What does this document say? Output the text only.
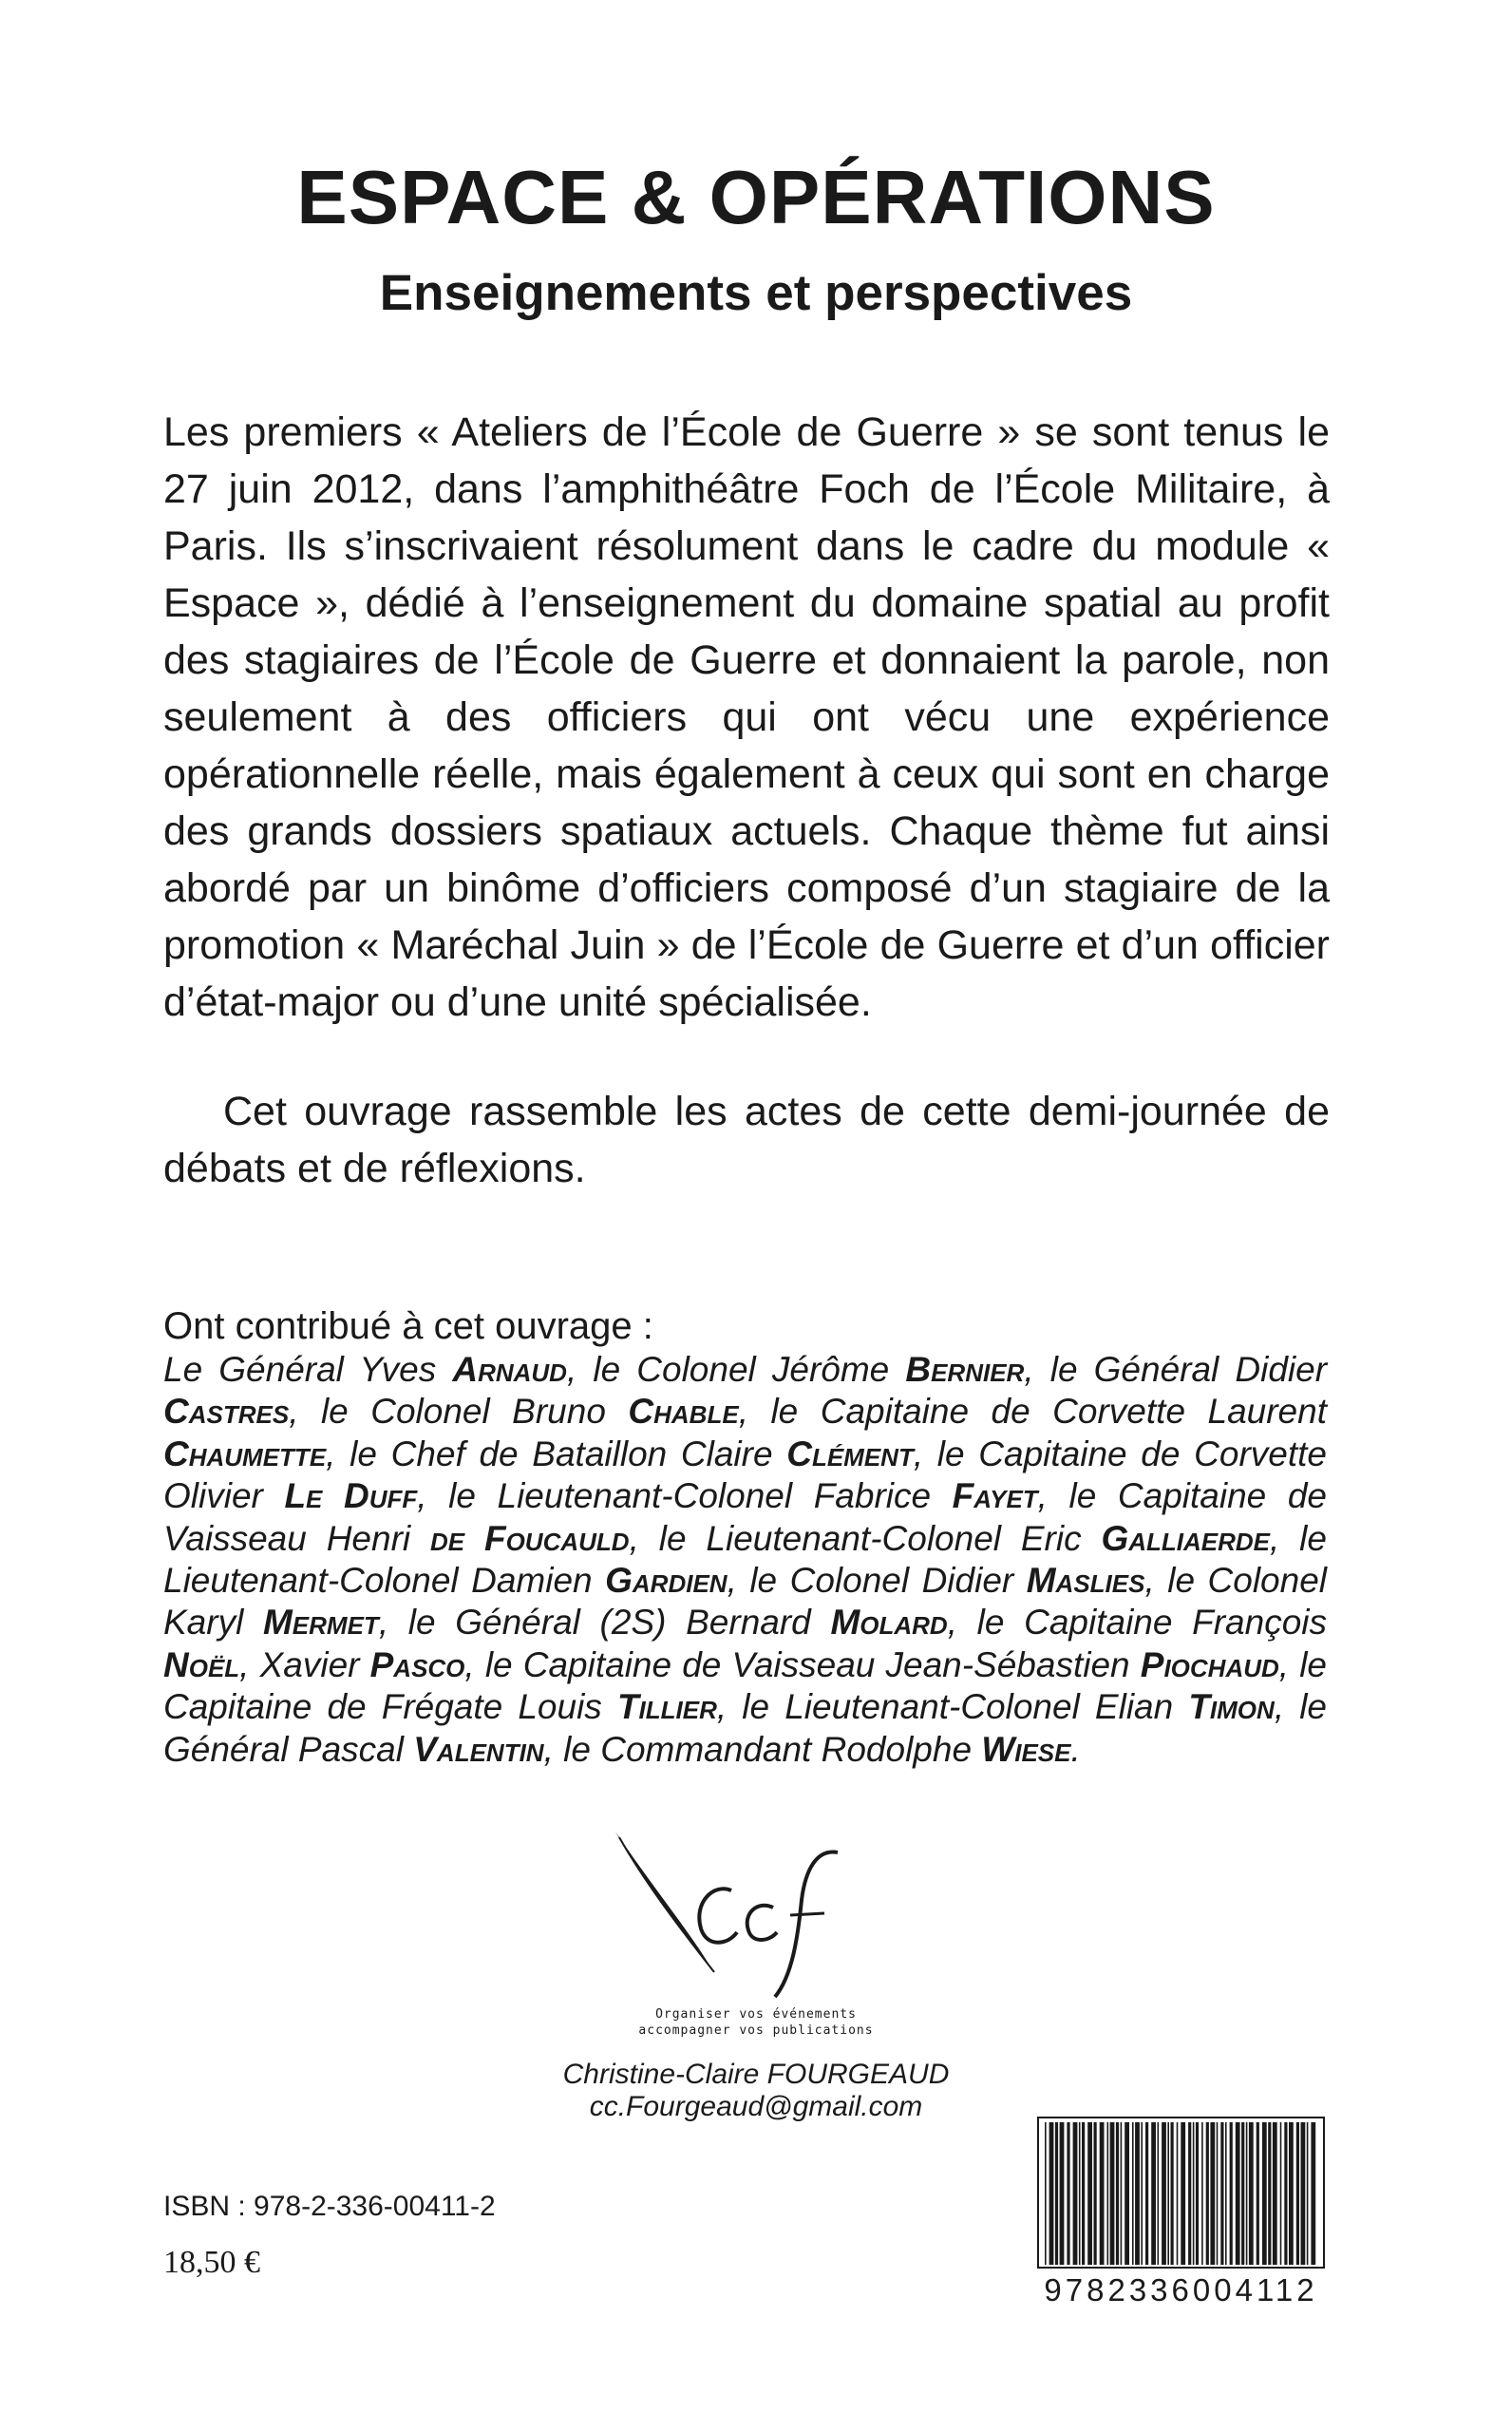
ESPACE & OPÉRATIONS
Enseignements et perspectives

Les premiers « Ateliers de l’École de Guerre » se sont tenus le 27 juin 2012, dans l’amphithéâtre Foch de l’École Militaire, à Paris. Ils s’inscrivaient résolument dans le cadre du module « Espace », dédié à l’enseignement du domaine spatial au profit des stagiaires de l’École de Guerre et donnaient la parole, non seulement à des officiers qui ont vécu une expérience opérationnelle réelle, mais également à ceux qui sont en charge des grands dossiers spatiaux actuels. Chaque thème fut ainsi abordé par un binôme d’officiers composé d’un stagiaire de la promotion « Maréchal Juin » de l’École de Guerre et d’un officier d’état-major ou d’une unité spécialisée.

Cet ouvrage rassemble les actes de cette demi-journée de débats et de réflexions.

Ont contribué à cet ouvrage :

Le Général Yves Arnaud, le Colonel Jérôme Bernier, le Général Didier Castres, le Colonel Bruno Chable, le Capitaine de Corvette Laurent Chaumette, le Chef de Bataillon Claire Clément, le Capitaine de Corvette Olivier Le Duff, le Lieutenant-Colonel Fabrice Fayet, le Capitaine de Vaisseau Henri de Foucauld, le Lieutenant-Colonel Eric Galliaerde, le Lieutenant-Colonel Damien Gardien, le Colonel Didier Maslies, le Colonel Karyl Mermet, le Général (2S) Bernard Molard, le Capitaine François Noël, Xavier Pasco, le Capitaine de Vaisseau Jean-Sébastien Piochaud, le Capitaine de Frégate Louis Tillier, le Lieutenant-Colonel Elian Timon, le Général Pascal Valentin, le Commandant Rodolphe Wiese.

Organiser vos événements

accompagner vos publications

Christine-Claire FOURGEAUD

cc.Fourgeaud@gmail.com

ISBN : 978-2-336-00411-2

18,50 €

9782336004112
